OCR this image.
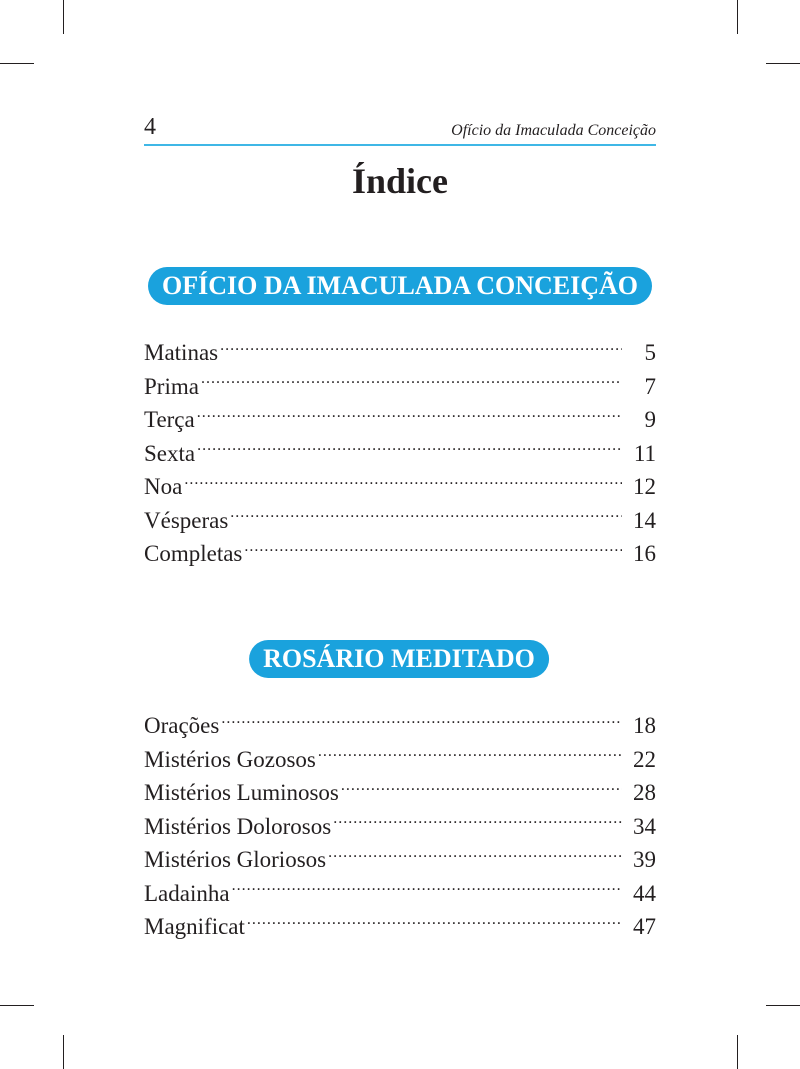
4	Ofício da Imaculada Conceição
Índice
OFÍCIO DA IMACULADA CONCEIÇÃO
Matinas .....	5
Prima .....	7
Terça .....	9
Sexta .....	11
Noa .....	12
Vésperas .....	14
Completas .....	16
ROSÁRIO MEDITADO
Orações .....	18
Mistérios Gozosos .....	22
Mistérios Luminosos .....	28
Mistérios Dolorosos .....	34
Mistérios Gloriosos .....	39
Ladainha .....	44
Magnificat .....	47
